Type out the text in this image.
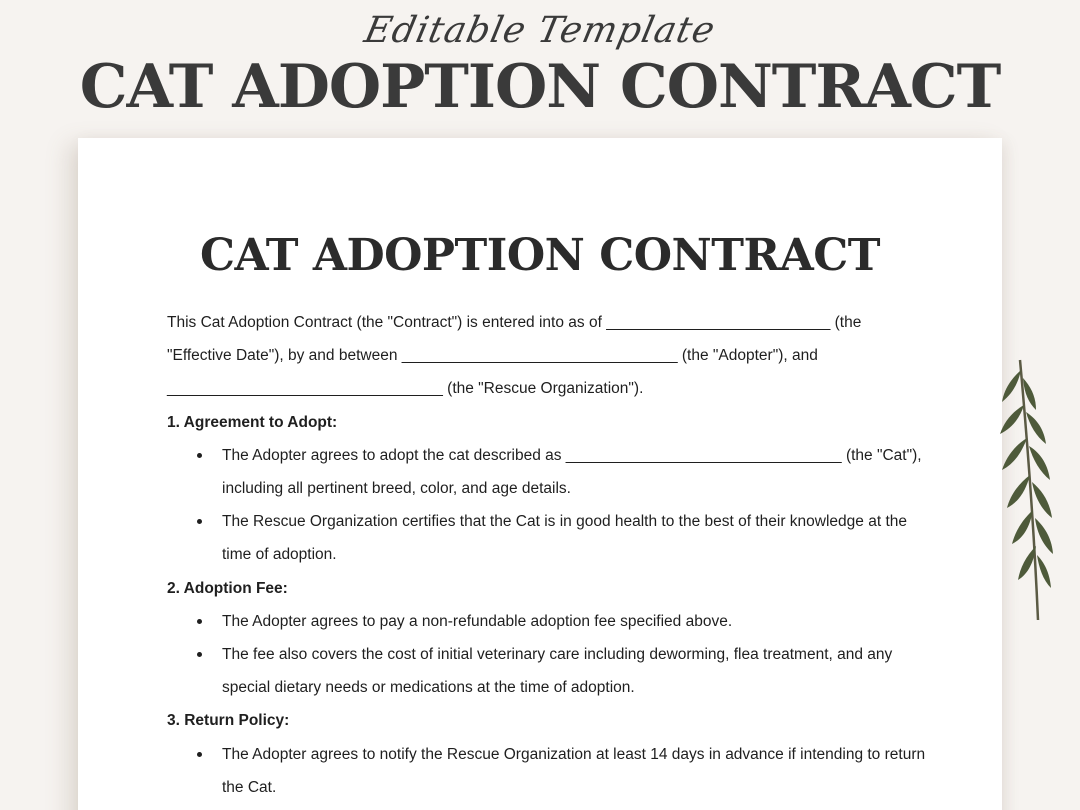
Editable Template
CAT ADOPTION CONTRACT
CAT ADOPTION CONTRACT

This Cat Adoption Contract (the "Contract") is entered into as of __________________________ (the

"Effective Date"), by and between ________________________________ (the "Adopter"), and

________________________________ (the "Rescue Organization").

1. Agreement to Adopt:

The Adopter agrees to adopt the cat described as ________________________________ (the "Cat"), including all pertinent breed, color, and age details.
The Rescue Organization certifies that the Cat is in good health to the best of their knowledge at the time of adoption.

2. Adoption Fee:

The Adopter agrees to pay a non-refundable adoption fee specified above.
The fee also covers the cost of initial veterinary care including deworming, flea treatment, and any special dietary needs or medications at the time of adoption.

3. Return Policy:

The Adopter agrees to notify the Rescue Organization at least 14 days in advance if intending to return the Cat.
